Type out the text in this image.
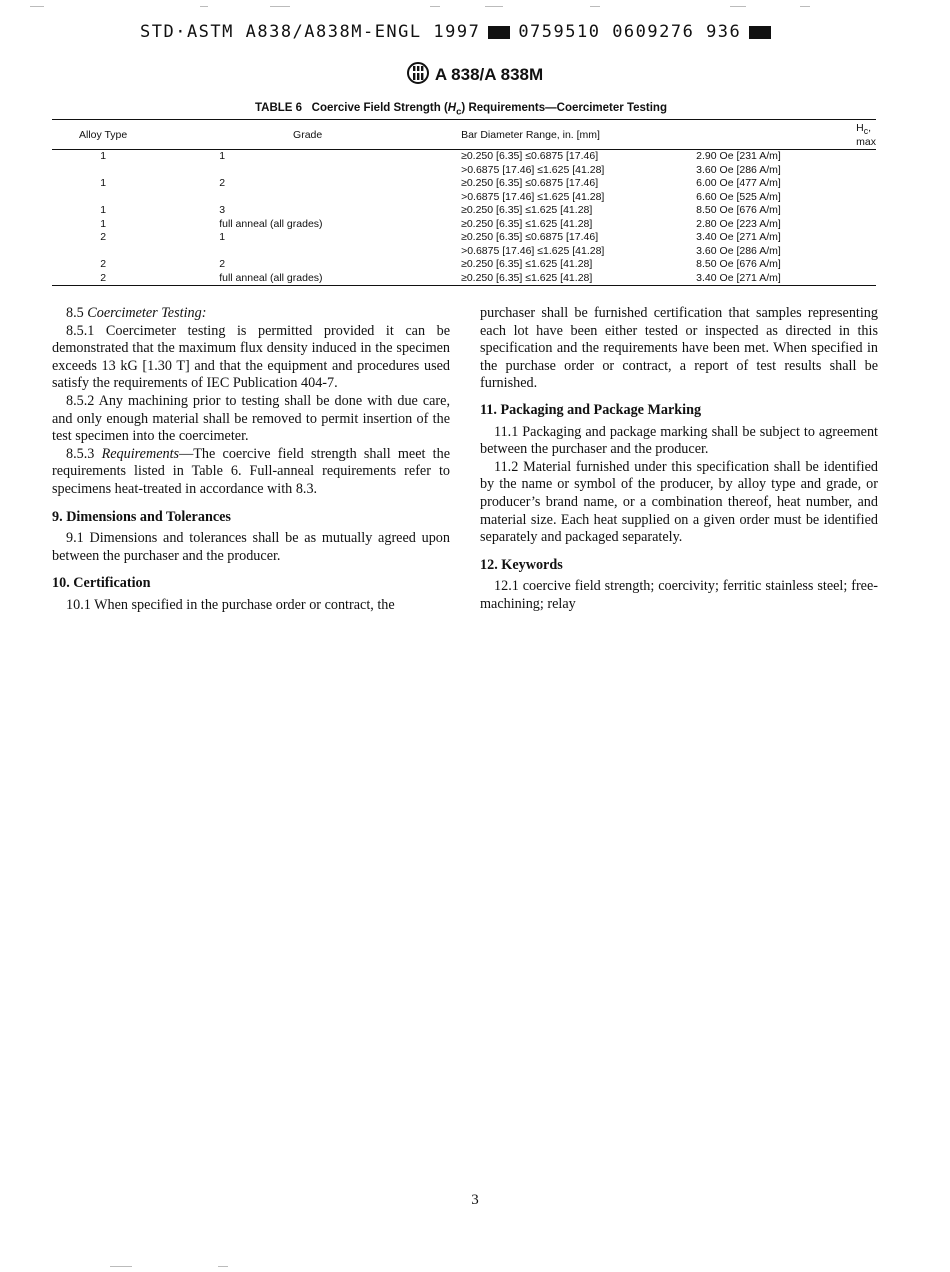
STD·ASTM A838/A838M-ENGL 1997 0759510 0609276 936
A 838/A 838M
TABLE 6 Coercive Field Strength $(H_c)$ Requirements—Coercimeter Testing
Alloy Type	Grade	Bar Diameter Range, in. [mm]	$H_c$, max
1	1	≥0.250 [6.35] ≤0.6875 [17.46]	2.90 Oe [231 A/m]
		>0.6875 [17.46] ≤1.625 [41.28]	3.60 Oe [286 A/m]
1	2	≥0.250 [6.35] ≤0.6875 [17.46]	6.00 Oe [477 A/m]
		>0.6875 [17.46] ≤1.625 [41.28]	6.60 Oe [525 A/m]
1	3	≥0.250 [6.35] ≤1.625 [41.28]	8.50 Oe [676 A/m]
1	full anneal (all grades)	≥0.250 [6.35] ≤1.625 [41.28]	2.80 Oe [223 A/m]
2	1	≥0.250 [6.35] ≤0.6875 [17.46]	3.40 Oe [271 A/m]
		>0.6875 [17.46] ≤1.625 [41.28]	3.60 Oe [286 A/m]
2	2	≥0.250 [6.35] ≤1.625 [41.28]	8.50 Oe [676 A/m]
2	full anneal (all grades)	≥0.250 [6.35] ≤1.625 [41.28]	3.40 Oe [271 A/m]

8.5 Coercimeter Testing:

8.5.1 Coercimeter testing is permitted provided it can be demonstrated that the maximum flux density induced in the specimen exceeds 13 kG [1.30 T] and that the equipment and procedures used satisfy the requirements of IEC Publication 404-7.

8.5.2 Any machining prior to testing shall be done with due care, and only enough material shall be removed to permit insertion of the test specimen into the coercimeter.

8.5.3 Requirements—The coercive field strength shall meet the requirements listed in Table 6. Full-anneal requirements refer to specimens heat-treated in accordance with 8.3.

9. Dimensions and Tolerances

9.1 Dimensions and tolerances shall be as mutually agreed upon between the purchaser and the producer.

10. Certification

10.1 When specified in the purchase order or contract, the

purchaser shall be furnished certification that samples representing each lot have been either tested or inspected as directed in this specification and the requirements have been met. When specified in the purchase order or contract, a report of test results shall be furnished.

11. Packaging and Package Marking

11.1 Packaging and package marking shall be subject to agreement between the purchaser and the producer.

11.2 Material furnished under this specification shall be identified by the name or symbol of the producer, by alloy type and grade, or producer’s brand name, or a combination thereof, heat number, and material size. Each heat supplied on a given order must be identified separately and packaged separately.

12. Keywords

12.1 coercive field strength; coercivity; ferritic stainless steel; free-machining; relay

3
